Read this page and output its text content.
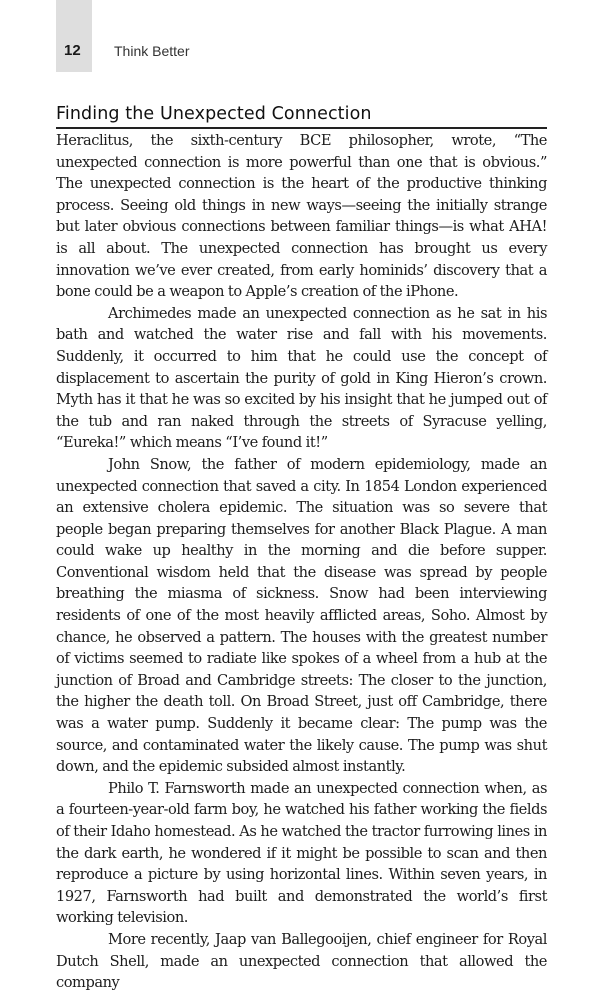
12 Think Better
Finding the Unexpected Connection

Heraclitus, the sixth-century BCE philosopher, wrote, “The unexpected connection is more powerful than one that is obvious.” The unexpected connection is the heart of the productive thinking process. Seeing old things in new ways—seeing the initially strange but later obvious connections between familiar things—is what AHA! is all about. The unexpected connection has brought us every innovation we’ve ever created, from early hominids’ discovery that a bone could be a weapon to Apple’s creation of the iPhone.

Archimedes made an unexpected connection as he sat in his bath and watched the water rise and fall with his movements. Suddenly, it occurred to him that he could use the concept of displacement to ascertain the purity of gold in King Hieron’s crown. Myth has it that he was so excited by his insight that he jumped out of the tub and ran naked through the streets of Syracuse yelling, “Eureka!” which means “I’ve found it!”

John Snow, the father of modern epidemiology, made an unexpected connection that saved a city. In 1854 London experienced an extensive cholera epidemic. The situation was so severe that people began preparing themselves for another Black Plague. A man could wake up healthy in the morning and die before supper. Conventional wisdom held that the disease was spread by people breathing the miasma of sickness. Snow had been interviewing residents of one of the most heavily afflicted areas, Soho. Almost by chance, he observed a pattern. The houses with the greatest number of victims seemed to radiate like spokes of a wheel from a hub at the junction of Broad and Cambridge streets: The closer to the junction, the higher the death toll. On Broad Street, just off Cambridge, there was a water pump. Suddenly it became clear: The pump was the source, and contaminated water the likely cause. The pump was shut down, and the epidemic subsided almost instantly.

Philo T. Farnsworth made an unexpected connection when, as a fourteen-year-old farm boy, he watched his father working the fields of their Idaho homestead. As he watched the tractor furrowing lines in the dark earth, he wondered if it might be possible to scan and then reproduce a picture by using horizontal lines. Within seven years, in 1927, Farnsworth had built and demonstrated the world’s first working television.

More recently, Jaap van Ballegooijen, chief engineer for Royal Dutch Shell, made an unexpected connection that allowed the company
